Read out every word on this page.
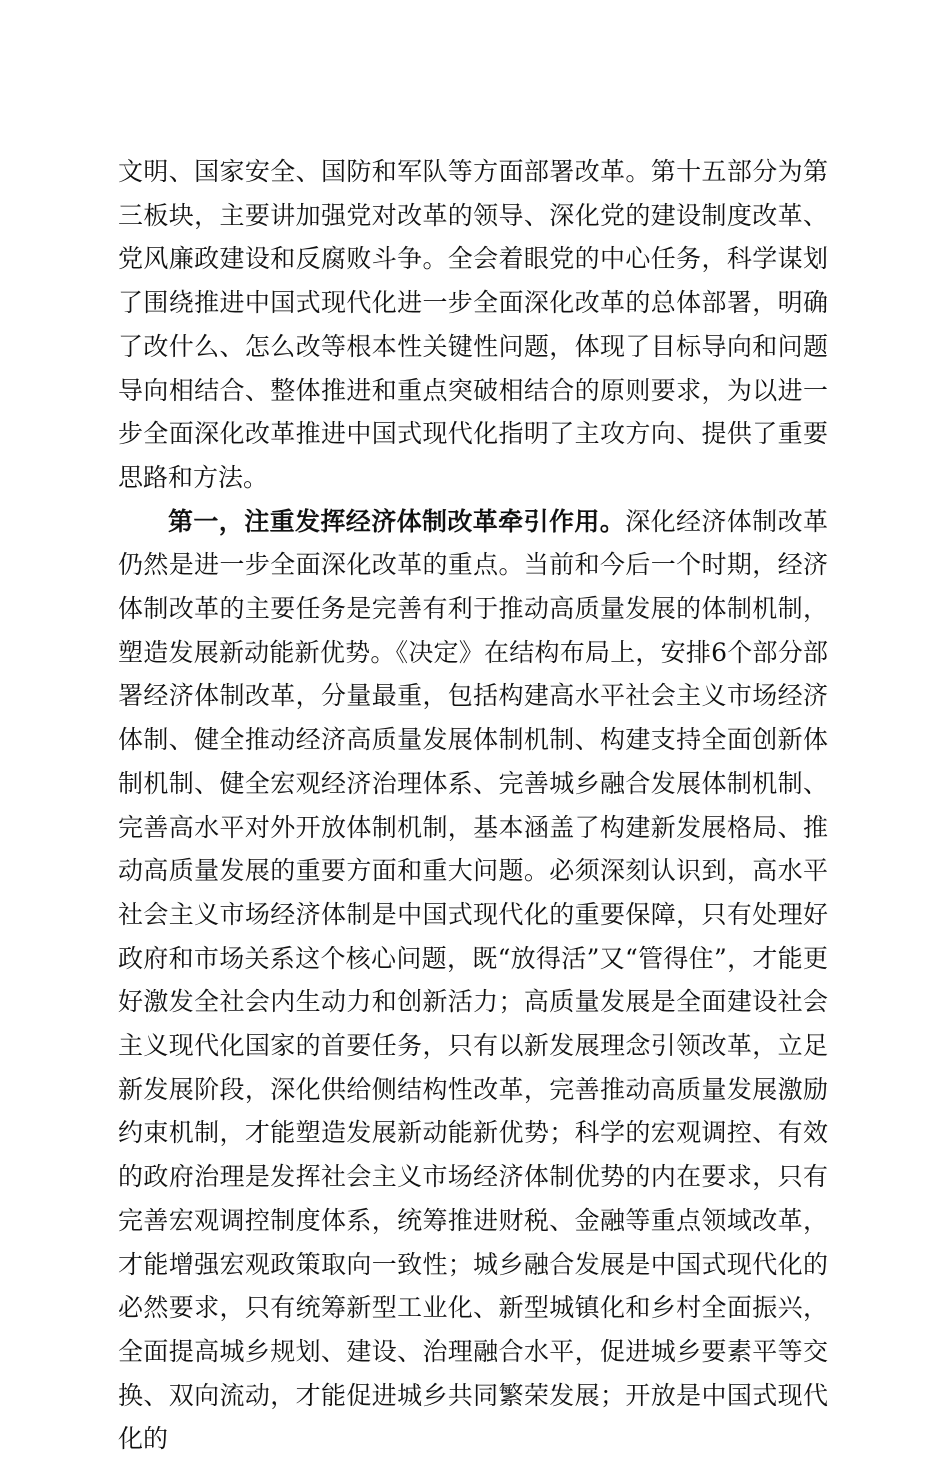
文明、国家安全、国防和军队等方面部署改革。第十五部分为第三板块，主要讲加强党对改革的领导、深化党的建设制度改革、党风廉政建设和反腐败斗争。全会着眼党的中心任务，科学谋划了围绕推进中国式现代化进一步全面深化改革的总体部署，明确了改什么、怎么改等根本性关键性问题，体现了目标导向和问题导向相结合、整体推进和重点突破相结合的原则要求，为以进一步全面深化改革推进中国式现代化指明了主攻方向、提供了重要思路和方法。

第一，注重发挥经济体制改革牵引作用。深化经济体制改革仍然是进一步全面深化改革的重点。当前和今后一个时期，经济体制改革的主要任务是完善有利于推动高质量发展的体制机制，塑造发展新动能新优势。《决定》在结构布局上，安排6个部分部署经济体制改革，分量最重，包括构建高水平社会主义市场经济体制、健全推动经济高质量发展体制机制、构建支持全面创新体制机制、健全宏观经济治理体系、完善城乡融合发展体制机制、完善高水平对外开放体制机制，基本涵盖了构建新发展格局、推动高质量发展的重要方面和重大问题。必须深刻认识到，高水平社会主义市场经济体制是中国式现代化的重要保障，只有处理好政府和市场关系这个核心问题，既“放得活”又“管得住”，才能更好激发全社会内生动力和创新活力；高质量发展是全面建设社会主义现代化国家的首要任务，只有以新发展理念引领改革，立足新发展阶段，深化供给侧结构性改革，完善推动高质量发展激励约束机制，才能塑造发展新动能新优势；科学的宏观调控、有效的政府治理是发挥社会主义市场经济体制优势的内在要求，只有完善宏观调控制度体系，统筹推进财税、金融等重点领域改革，才能增强宏观政策取向一致性；城乡融合发展是中国式现代化的必然要求，只有统筹新型工业化、新型城镇化和乡村全面振兴，全面提高城乡规划、建设、治理融合水平，促进城乡要素平等交换、双向流动，才能促进城乡共同繁荣发展；开放是中国式现代化的
